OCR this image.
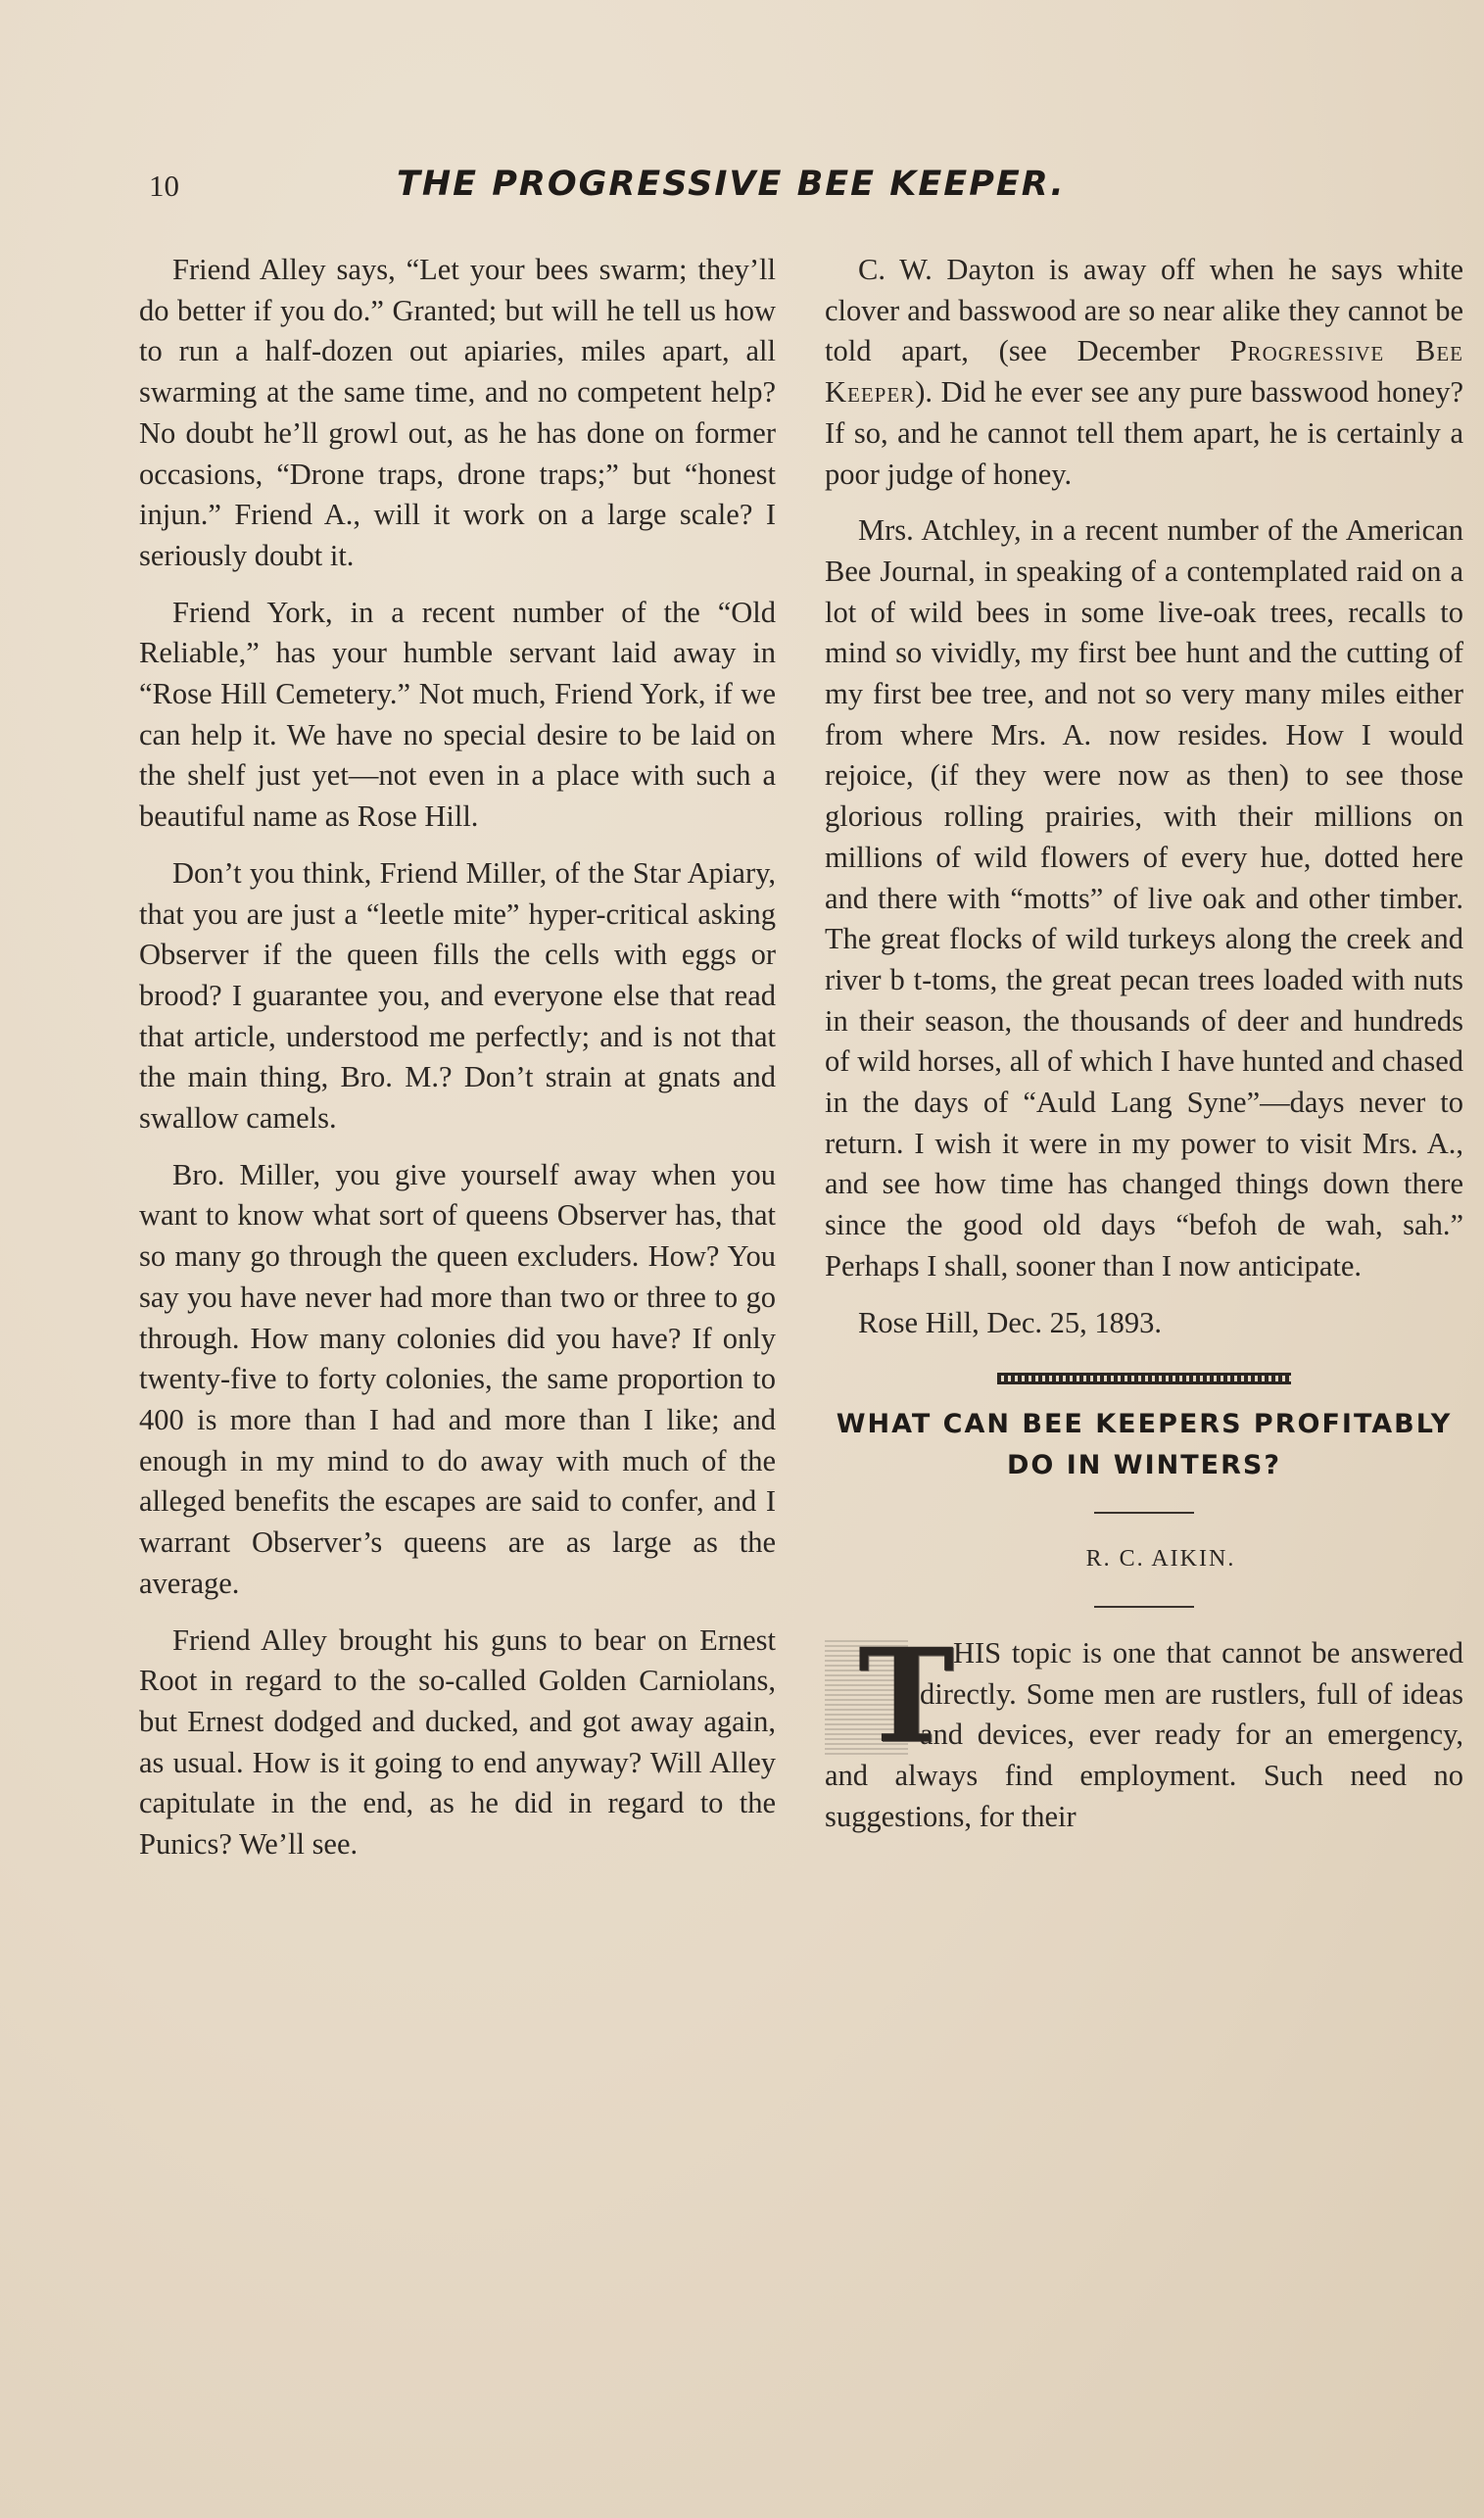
10	THE PROGRESSIVE BEE KEEPER.

Friend Alley says, “Let your bees swarm; they’ll do better if you do.” Granted; but will he tell us how to run a half-dozen out apiaries, miles apart, all swarming at the same time, and no competent help? No doubt he’ll growl out, as he has done on former occasions, “Drone traps, drone traps;” but “honest injun.” Friend A., will it work on a large scale? I seriously doubt it.

Friend York, in a recent number of the “Old Reliable,” has your humble servant laid away in “Rose Hill Cemetery.” Not much, Friend York, if we can help it. We have no special desire to be laid on the shelf just yet—not even in a place with such a beautiful name as Rose Hill.

Don’t you think, Friend Miller, of the Star Apiary, that you are just a “leetle mite” hyper-critical asking Observer if the queen fills the cells with eggs or brood? I guarantee you, and everyone else that read that article, understood me perfectly; and is not that the main thing, Bro. M.? Don’t strain at gnats and swallow camels.

Bro. Miller, you give yourself away when you want to know what sort of queens Observer has, that so many go through the queen excluders. How? You say you have never had more than two or three to go through. How many colonies did you have? If only twenty-five to forty colonies, the same proportion to 400 is more than I had and more than I like; and enough in my mind to do away with much of the alleged benefits the escapes are said to confer, and I warrant Observer’s queens are as large as the average.

Friend Alley brought his guns to bear on Ernest Root in regard to the so-called Golden Carniolans, but Ernest dodged and ducked, and got away again, as usual. How is it going to end anyway? Will Alley capitulate in the end, as he did in regard to the Punics? We’ll see.

C. W. Dayton is away off when he says white clover and basswood are so near alike they cannot be told apart, (see December Progressive Bee Keeper). Did he ever see any pure basswood honey? If so, and he cannot tell them apart, he is certainly a poor judge of honey.

Mrs. Atchley, in a recent number of the American Bee Journal, in speaking of a contemplated raid on a lot of wild bees in some live-oak trees, recalls to mind so vividly, my first bee hunt and the cutting of my first bee tree, and not so very many miles either from where Mrs. A. now resides. How I would rejoice, (if they were now as then) to see those glorious rolling prairies, with their millions on millions of wild flowers of every hue, dotted here and there with “motts” of live oak and other timber. The great flocks of wild turkeys along the creek and river b t-toms, the great pecan trees loaded with nuts in their season, the thousands of deer and hundreds of wild horses, all of which I have hunted and chased in the days of “Auld Lang Syne”—days never to return. I wish it were in my power to visit Mrs. A., and see how time has changed things down there since the good old days “befoh de wah, sah.” Perhaps I shall, sooner than I now anticipate.

Rose Hill, Dec. 25, 1893.

WHAT CAN BEE KEEPERS PROFITABLY DO IN WINTERS?

R. C. AIKIN.

T
HIS topic is one that cannot be answered directly. Some men are rustlers, full of ideas and devices, ever ready for an emergency, and always find employment. Such need no suggestions, for their
